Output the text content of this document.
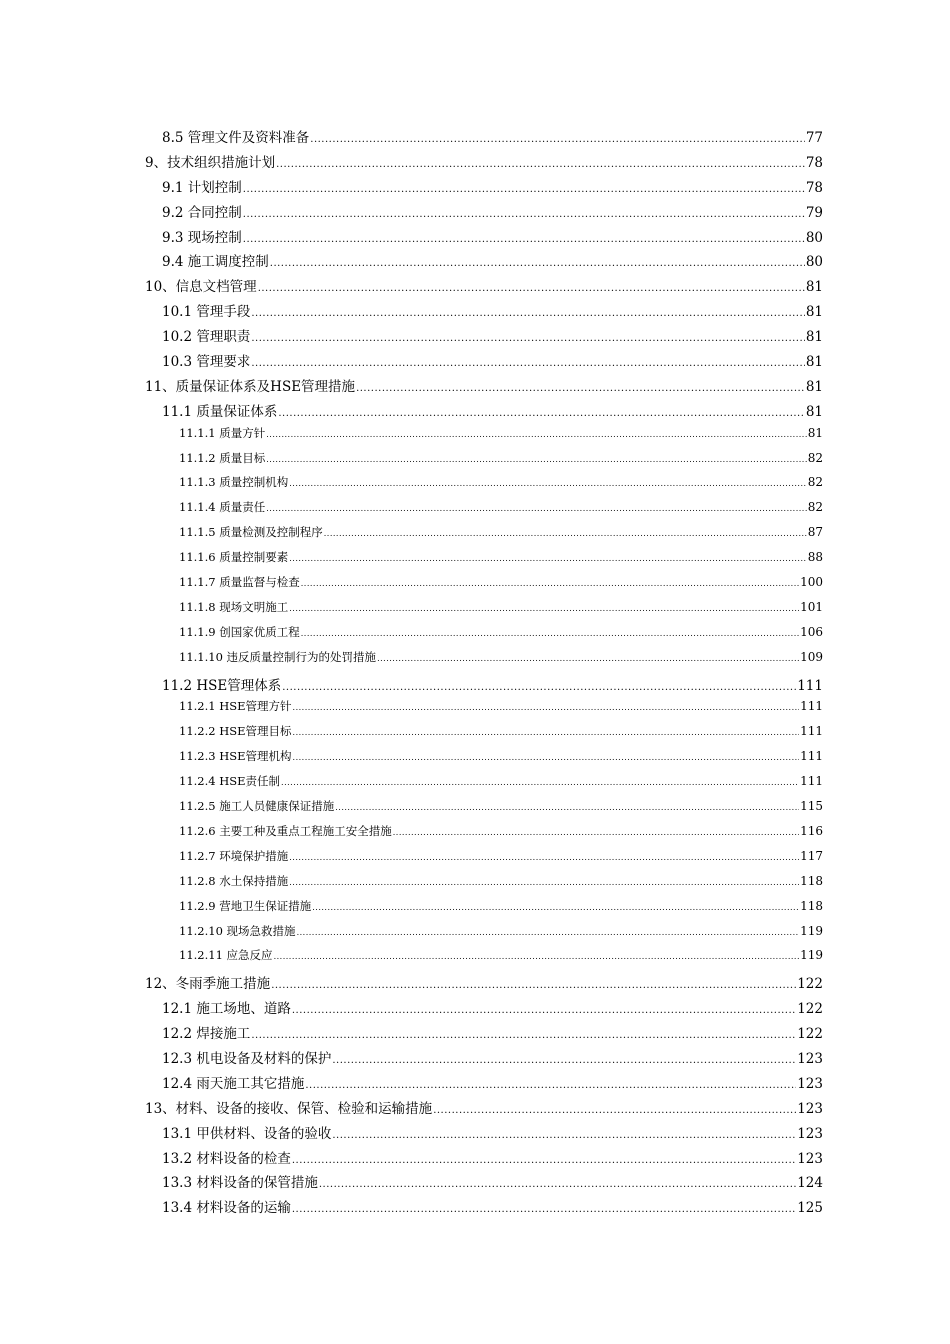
8.5 管理文件及资料准备 .....	77
9、技术组织措施计划 .....	78
9.1 计划控制 .....	78
9.2 合同控制 .....	79
9.3 现场控制 .....	80
9.4 施工调度控制 .....	80
10、信息文档管理 .....	81
10.1 管理手段 .....	81
10.2 管理职责 .....	81
10.3 管理要求 .....	81
11、质量保证体系及HSE管理措施 .....	81
11.1 质量保证体系 .....	81
11.1.1 质量方针 .....	81
11.1.2 质量目标 .....	82
11.1.3 质量控制机构 .....	82
11.1.4 质量责任 .....	82
11.1.5 质量检测及控制程序 .....	87
11.1.6 质量控制要素 .....	88
11.1.7 质量监督与检查 .....	100
11.1.8 现场文明施工 .....	101
11.1.9 创国家优质工程 .....	106
11.1.10 违反质量控制行为的处罚措施 .....	109
11.2 HSE管理体系 .....	111
11.2.1 HSE管理方针 .....	111
11.2.2 HSE管理目标 .....	111
11.2.3 HSE管理机构 .....	111
11.2.4 HSE责任制 .....	111
11.2.5 施工人员健康保证措施 .....	115
11.2.6 主要工种及重点工程施工安全措施 .....	116
11.2.7 环境保护措施 .....	117
11.2.8 水土保持措施 .....	118
11.2.9 营地卫生保证措施 .....	118
11.2.10 现场急救措施 .....	119
11.2.11 应急反应 .....	119
12、冬雨季施工措施 .....	122
12.1 施工场地、道路 .....	122
12.2 焊接施工 .....	122
12.3 机电设备及材料的保护 .....	123
12.4 雨天施工其它措施 .....	123
13、材料、设备的接收、保管、检验和运输措施 .....	123
13.1 甲供材料、设备的验收 .....	123
13.2 材料设备的检查 .....	123
13.3 材料设备的保管措施 .....	124
13.4 材料设备的运输 .....	125
